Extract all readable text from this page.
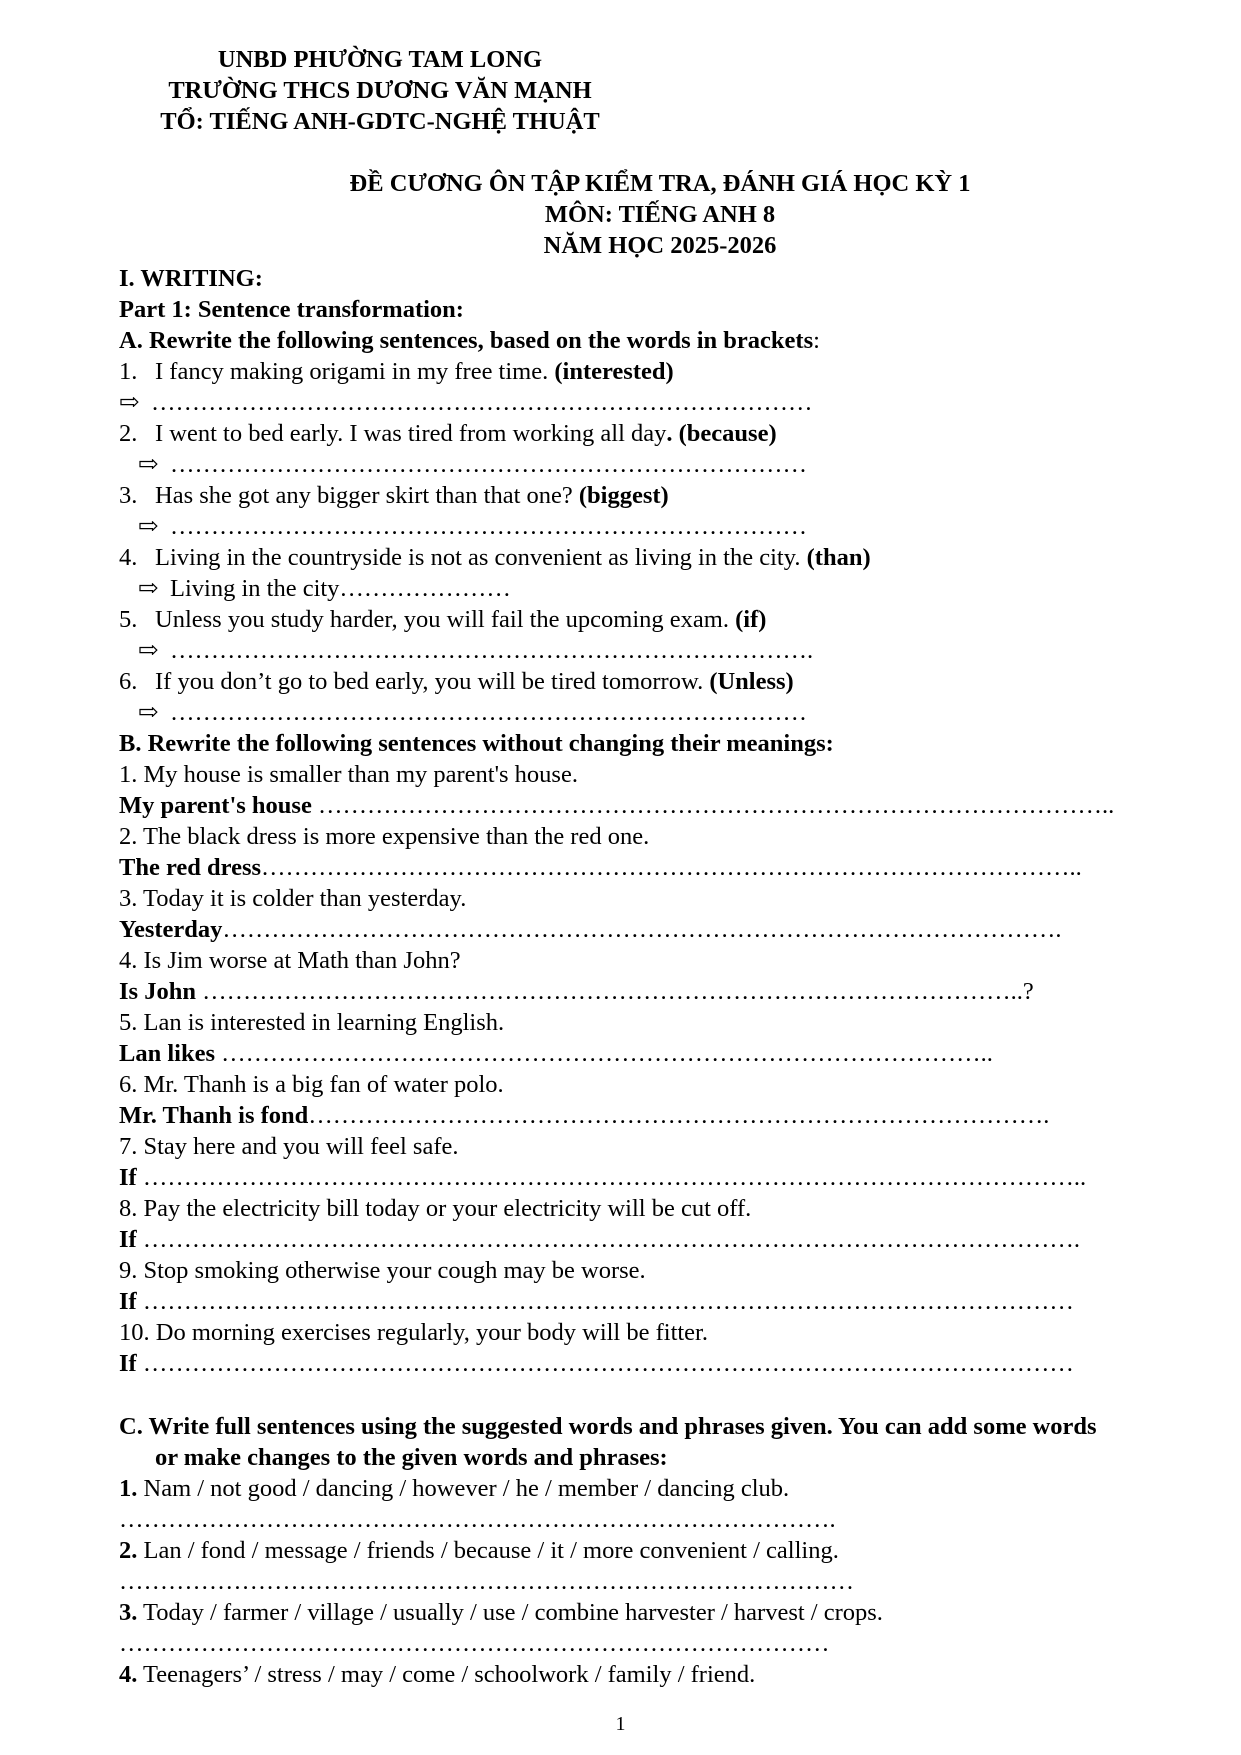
UNBD PHƯỜNG TAM LONG
TRƯỜNG THCS DƯƠNG VĂN MẠNH
TỔ: TIẾNG ANH-GDTC-NGHỆ THUẬT
ĐỀ CƯƠNG ÔN TẬP KIỂM TRA, ĐÁNH GIÁ HỌC KỲ 1
MÔN: TIẾNG ANH 8
NĂM HỌC 2025-2026
I. WRITING:
Part 1: Sentence transformation:
A. Rewrite the following sentences, based on the words in brackets:
1. I fancy making origami in my free time. (interested)
⇨ ………………………………………………………………………
2. I went to bed early. I was tired from working all day. (because)
⇨ ……………………………………………………………………
3. Has she got any bigger skirt than that one? (biggest)
⇨ ……………………………………………………………………
4. Living in the countryside is not as convenient as living in the city. (than)
⇨ Living in the city…………………
5. Unless you study harder, you will fail the upcoming exam. (if)
⇨ …………………………………………………………………….
6. If you don’t go to bed early, you will be tired tomorrow. (Unless)
⇨ ……………………………………………………………………
B. Rewrite the following sentences without changing their meanings:
1. My house is smaller than my parent's house.
My parent's house ……………………………………………………………………………………..
2. The black dress is more expensive than the red one.
The red dress………………………………………………………………………………………..
3. Today it is colder than yesterday.
Yesterday………………………………………………………………………………………….
4. Is Jim worse at Math than John?
Is John ………………………………………………………………………………………..?
5. Lan is interested in learning English.
Lan likes …………………………………………………………………………………..
6. Mr. Thanh is a big fan of water polo.
Mr. Thanh is fond……………………………………………………………………………….
7. Stay here and you will feel safe.
If ……………………………………………………………………………………………………..
8. Pay the electricity bill today or your electricity will be cut off.
If …………………………………………………………………………………………………….
9. Stop smoking otherwise your cough may be worse.
If ……………………………………………………………………………………………………
10. Do morning exercises regularly, your body will be fitter.
If ……………………………………………………………………………………………………
C. Write full sentences using the suggested words and phrases given. You can add some words
or make changes to the given words and phrases:
1. Nam / not good / dancing / however / he / member / dancing club.
…………………………………………………………………………….
2. Lan / fond / message / friends / because / it / more convenient / calling.
………………………………………………………………………………
3. Today / farmer / village / usually / use / combine harvester / harvest / crops.
……………………………………………………………………………
4. Teenagers’ / stress / may / come / schoolwork / family / friend.
1
